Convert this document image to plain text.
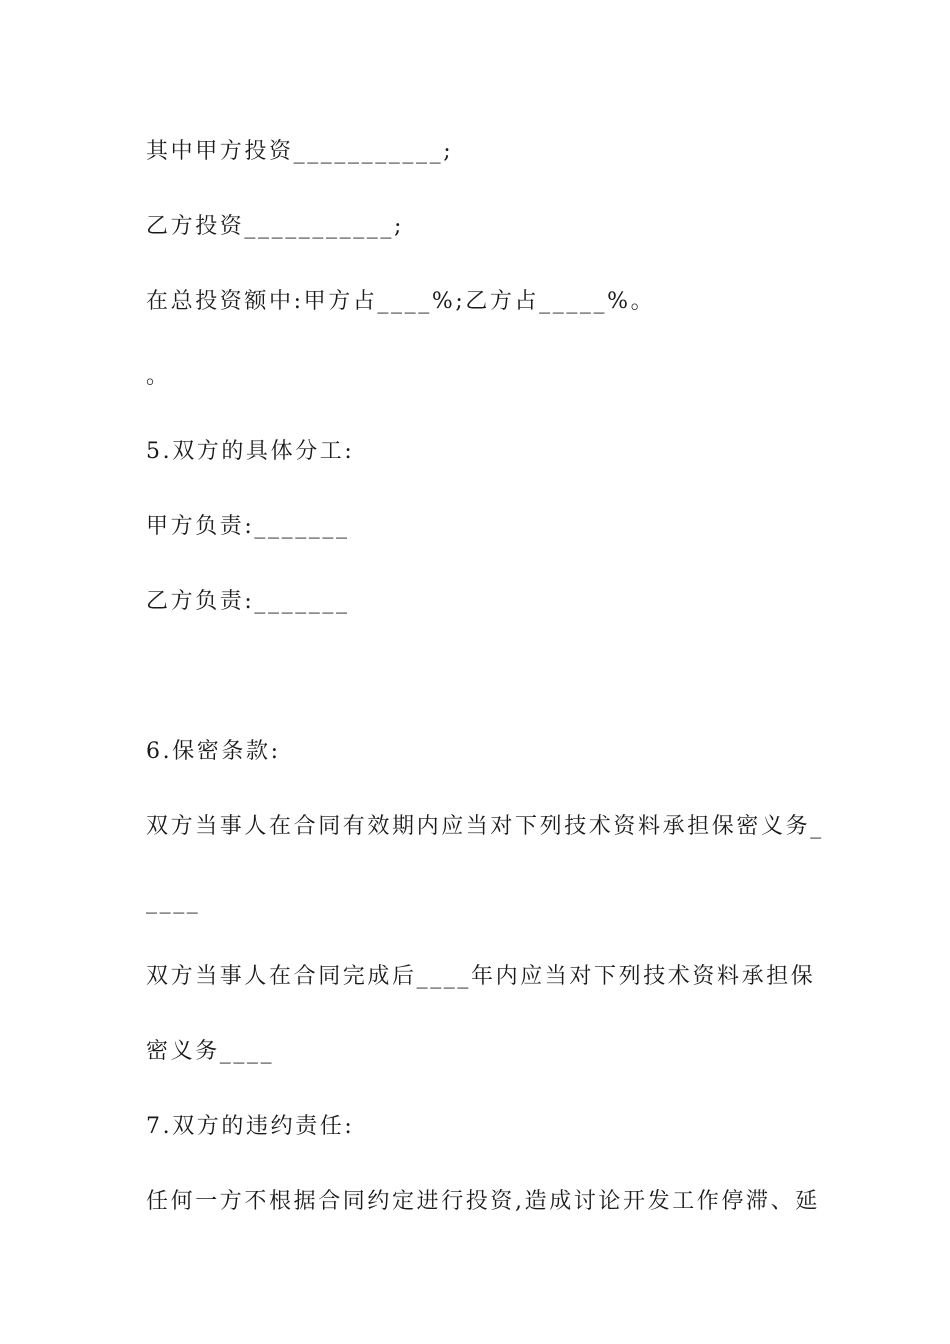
其中甲方投资___________;
乙方投资___________;
在总投资额中:甲方占____%;乙方占_____%。
。
5.双方的具体分工:
甲方负责:_______
乙方负责:_______
6.保密条款:
双方当事人在合同有效期内应当对下列技术资料承担保密义务_
____
双方当事人在合同完成后____年内应当对下列技术资料承担保
密义务____
7.双方的违约责任:
任何一方不根据合同约定进行投资,造成讨论开发工作停滞、延
